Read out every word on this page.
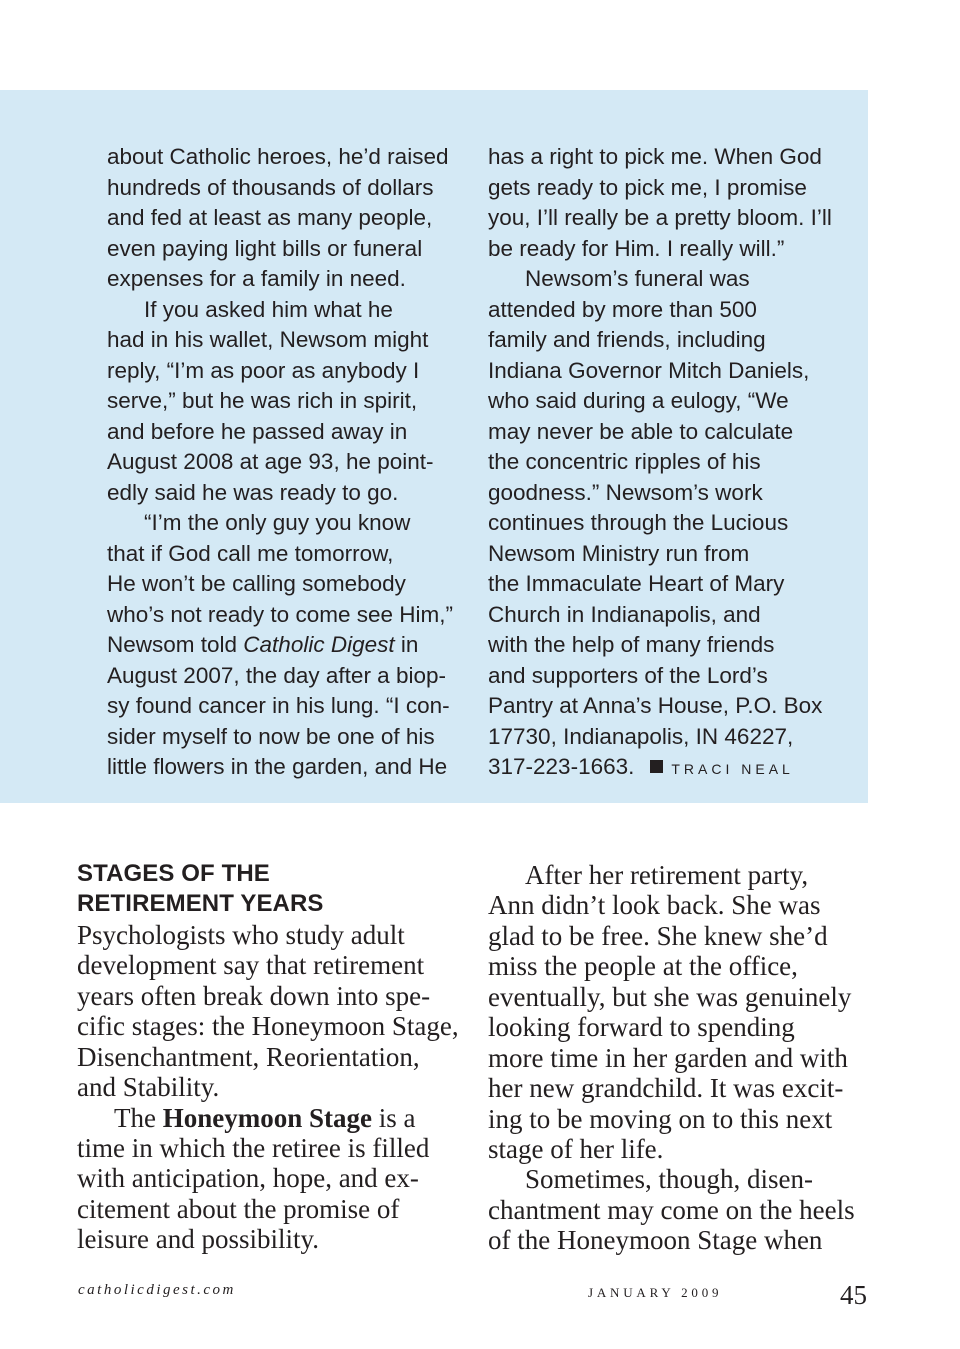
about Catholic heroes, he’d raised
hundreds of thousands of dollars
and fed at least as many people,
even paying light bills or funeral
expenses for a family in need.
If you asked him what he
had in his wallet, Newsom might
reply, “I’m as poor as anybody I
serve,” but he was rich in spirit,
and before he passed away in
August 2008 at age 93, he point-
edly said he was ready to go.
“I’m the only guy you know
that if God call me tomorrow,
He won’t be calling somebody
who’s not ready to come see Him,”
Newsom told Catholic Digest in
August 2007, the day after a biop-
sy found cancer in his lung. “I con-
sider myself to now be one of his
little flowers in the garden, and He
has a right to pick me. When God
gets ready to pick me, I promise
you, I’ll really be a pretty bloom. I’ll
be ready for Him. I really will.”
Newsom’s funeral was
attended by more than 500
family and friends, including
Indiana Governor Mitch Daniels,
who said during a eulogy, “We
may never be able to calculate
the concentric ripples of his
goodness.” Newsom’s work
continues through the Lucious
Newsom Ministry run from
the Immaculate Heart of Mary
Church in Indianapolis, and
with the help of many friends
and supporters of the Lord’s
Pantry at Anna’s House, P.O. Box
17730, Indianapolis, IN 46227,
317-223-1663.	TRACI NEAL
STAGES OF THE
RETIREMENT YEARS
Psychologists who study adult
development say that retirement
years often break down into spe-
cific stages: the Honeymoon Stage,
Disenchantment, Reorientation,
and Stability.
The Honeymoon Stage is a
time in which the retiree is filled
with anticipation, hope, and ex-
citement about the promise of
leisure and possibility.
After her retirement party,
Ann didn’t look back. She was
glad to be free. She knew she’d
miss the people at the office,
eventually, but she was genuinely
looking forward to spending
more time in her garden and with
her new grandchild. It was excit-
ing to be moving on to this next
stage of her life.
Sometimes, though, disen-
chantment may come on the heels
of the Honeymoon Stage when
catholicdigest.com	JANUARY 2009	45
